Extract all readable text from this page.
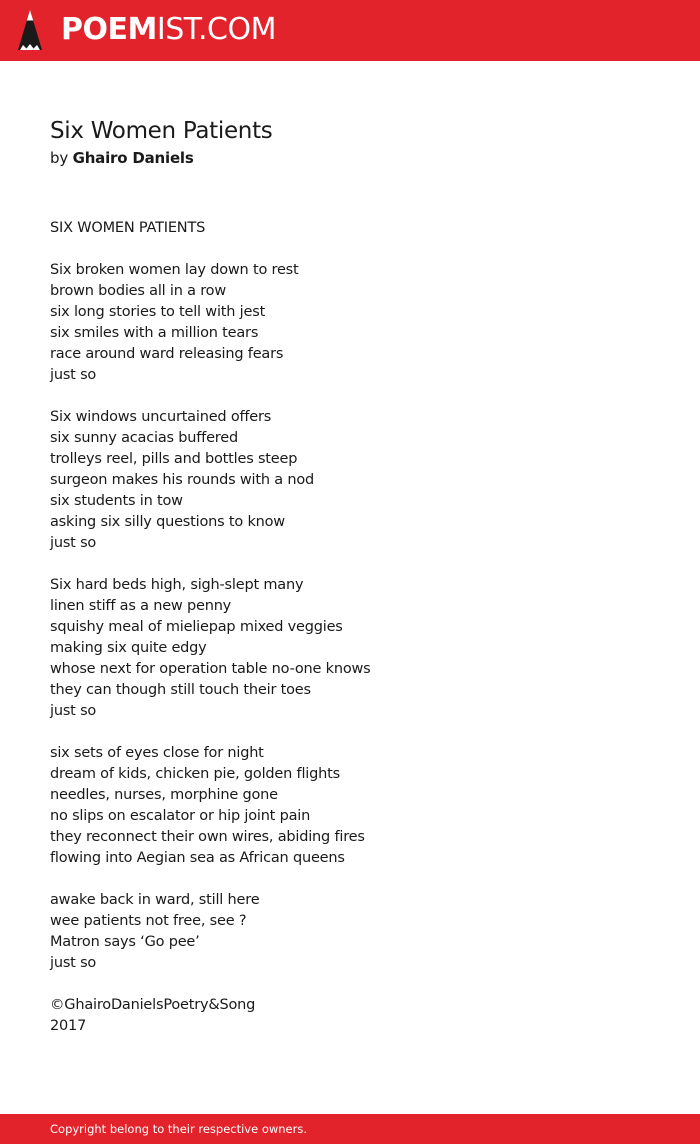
POEMIST.COM
Six Women Patients
by Ghairo Daniels
SIX WOMEN PATIENTS
Six broken women lay down to rest
brown bodies all in a row
six long stories to tell with jest
six smiles with a million tears
race around ward releasing fears
just so
Six windows uncurtained offers
six sunny acacias buffered
trolleys reel, pills and bottles steep
surgeon makes his rounds with a nod
six students in tow
asking six silly questions to know
just so
Six hard beds high, sigh-slept many
linen stiff as a new penny
squishy meal of mieliepap mixed veggies
making six quite edgy
whose next for operation table no-one knows
they can though still touch their toes
just so
six sets of eyes close for night
dream of kids, chicken pie, golden flights
needles, nurses, morphine gone
no slips on escalator or hip joint pain
they reconnect their own wires, abiding fires
flowing into Aegian sea as African queens
awake back in ward, still here
wee patients not free, see ?
Matron says ‘Go pee’
just so
©GhairoDanielsPoetry&Song
2017
Copyright belong to their respective owners.
